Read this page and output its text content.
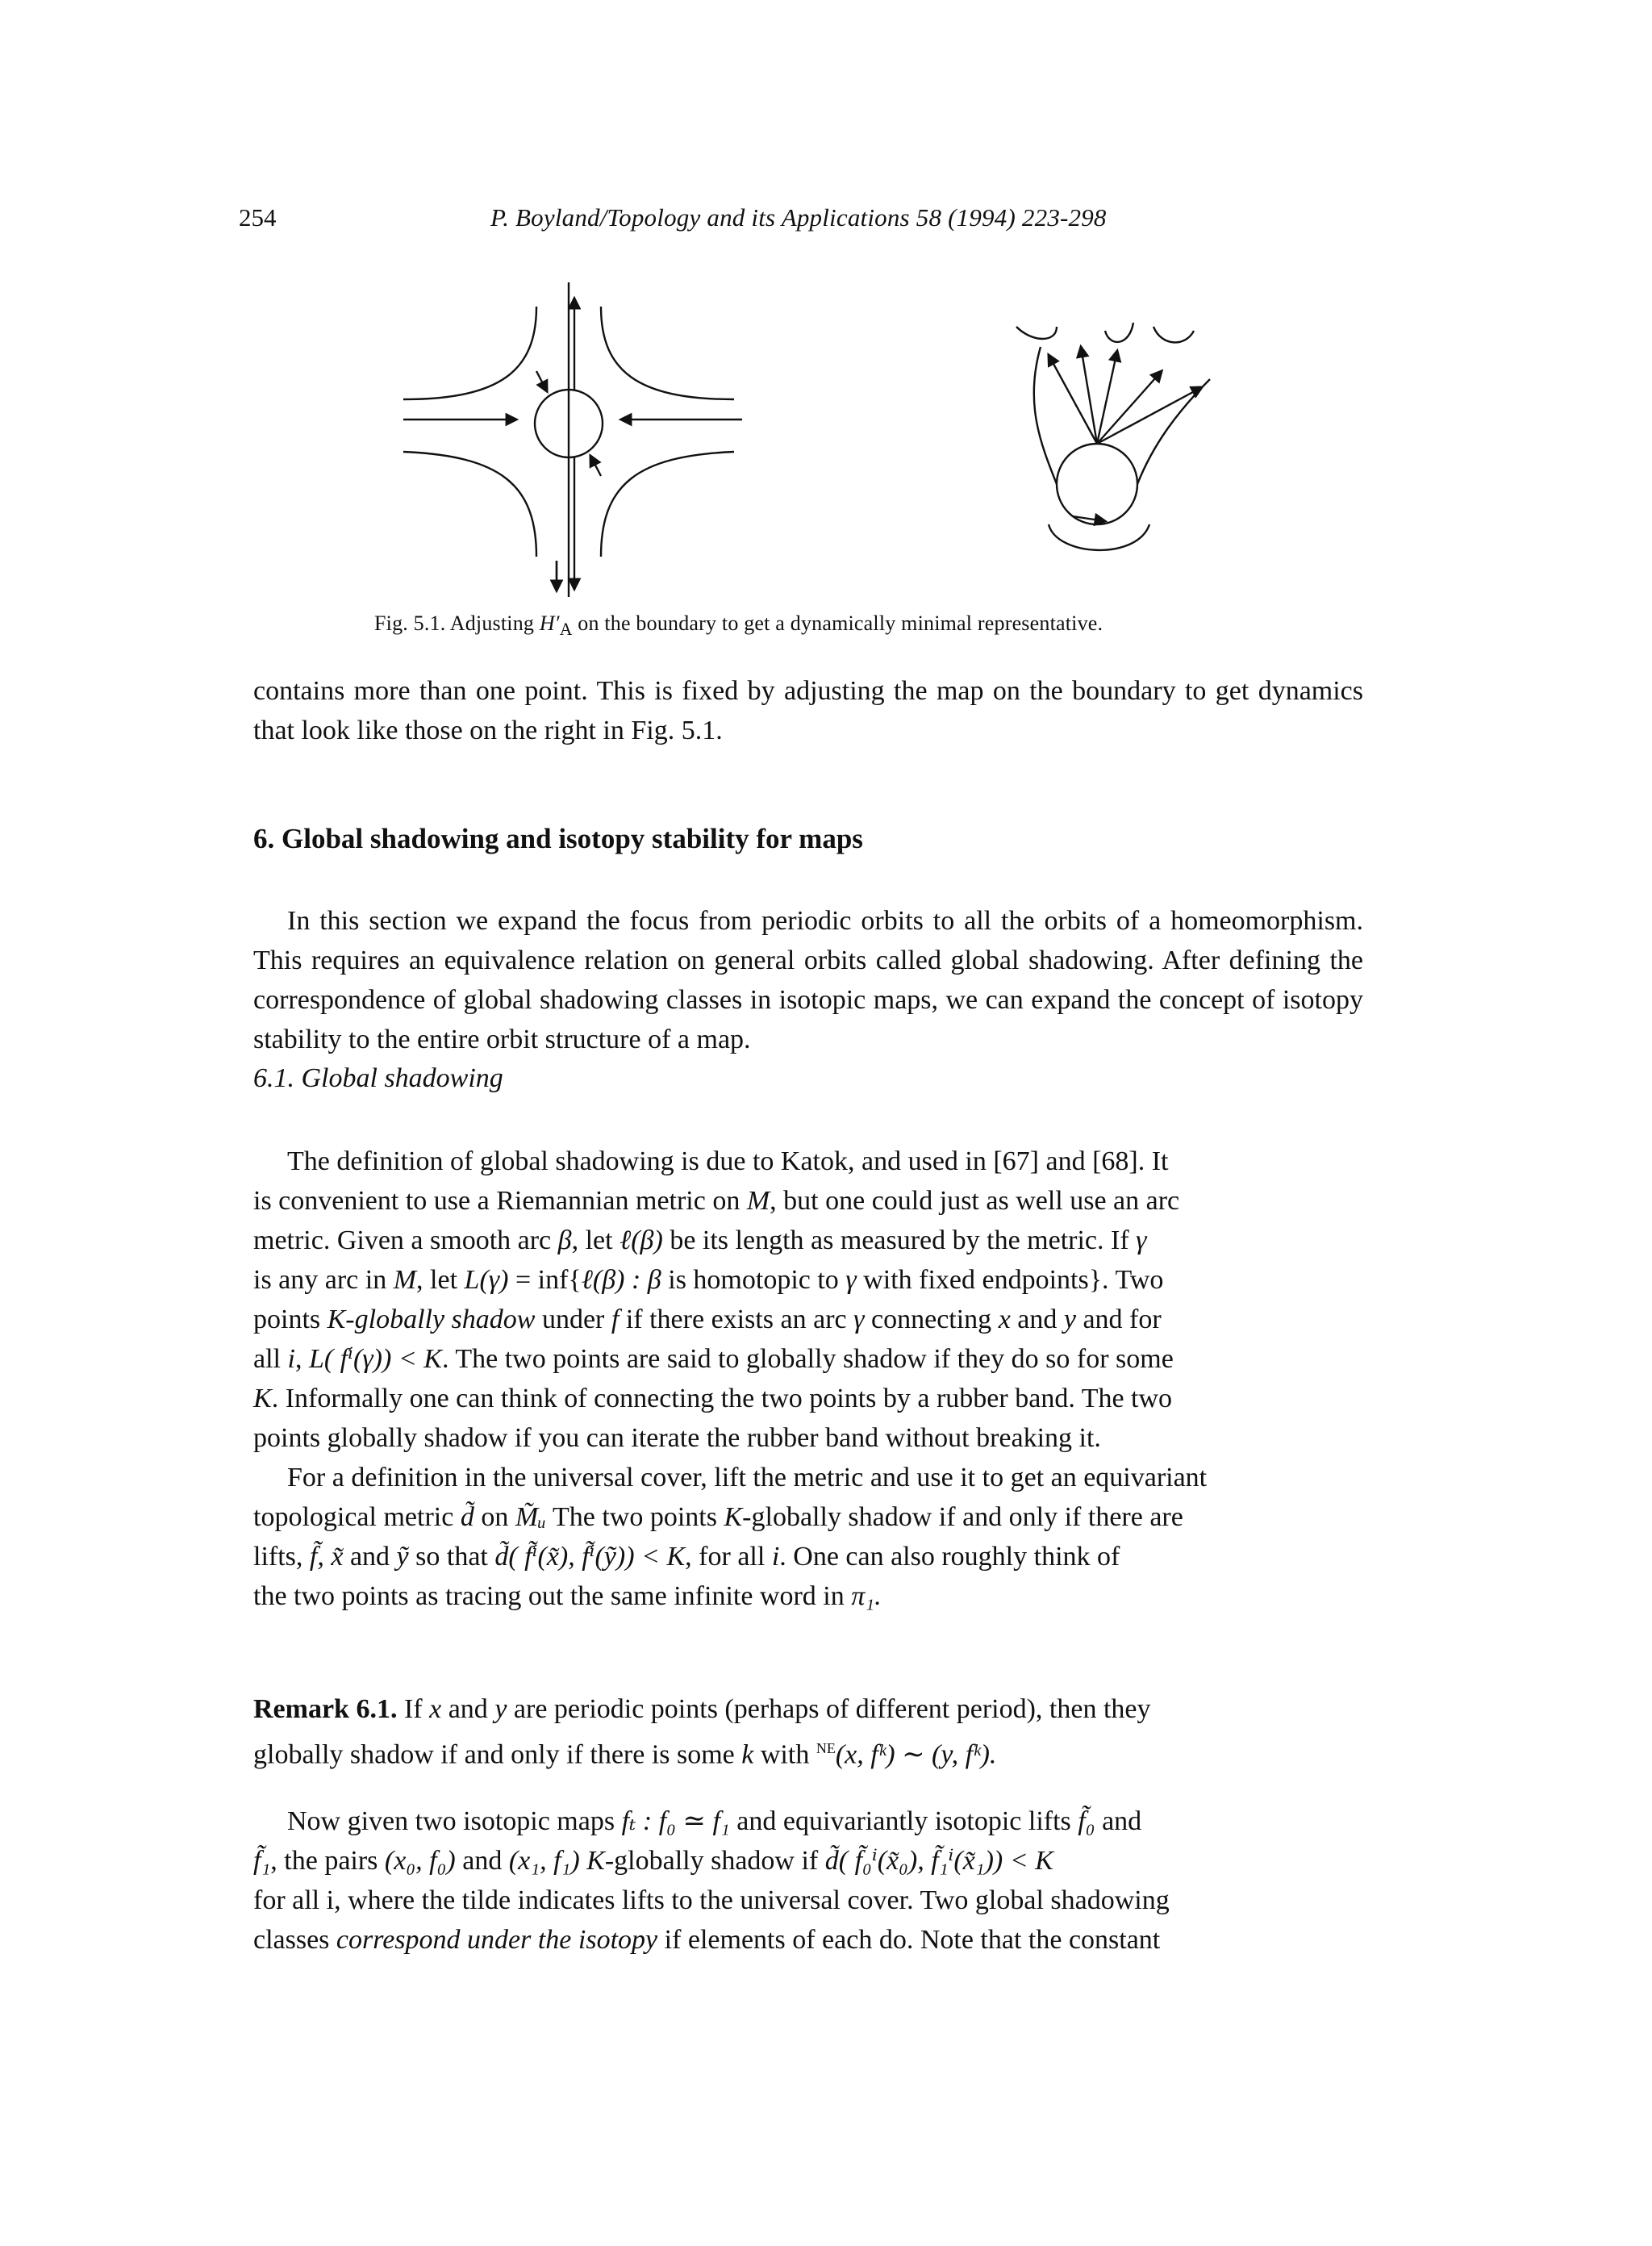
254	P. Boyland/Topology and its Applications 58 (1994) 223-298
Fig. 5.1. Adjusting $H'_A$ on the boundary to get a dynamically minimal representative.

contains more than one point. This is fixed by adjusting the map on the boundary to get dynamics that look like those on the right in Fig. 5.1.

6. Global shadowing and isotopy stability for maps

In this section we expand the focus from periodic orbits to all the orbits of a homeomorphism. This requires an equivalence relation on general orbits called global shadowing. After defining the correspondence of global shadowing classes in isotopic maps, we can expand the concept of isotopy stability to the entire orbit structure of a map.

6.1. Global shadowing
The definition of global shadowing is due to Katok, and used in [67] and [68]. It
is convenient to use a Riemannian metric on M, but one could just as well use an arc
metric. Given a smooth arc β, let ℓ(β) be its length as measured by the metric. If γ
is any arc in M, let L(γ) = inf{ℓ(β) : β is homotopic to γ with fixed endpoints}. Two
points K-globally shadow under f if there exists an arc γ connecting x and y and for
all i, L( fⁱ(γ)) < K. The two points are said to globally shadow if they do so for some
K. Informally one can think of connecting the two points by a rubber band. The two
points globally shadow if you can iterate the rubber band without breaking it.
For a definition in the universal cover, lift the metric and use it to get an equivariant
topological metric d̃ on M̃ᵤ The two points K-globally shadow if and only if there are
lifts, f̃, x̃ and ỹ so that d̃( f̃ⁱ(x̃), f̃ⁱ(ỹ)) < K, for all i. One can also roughly think of
the two points as tracing out the same infinite word in π₁.
Remark 6.1. If x and y are periodic points (perhaps of different period), then they
globally shadow if and only if there is some k with $^{NE}$(x, fᵏ) ∼ (y, fᵏ).
Now given two isotopic maps fₜ : f₀ ≃ f₁ and equivariantly isotopic lifts f̃₀ and
f̃₁, the pairs (x₀, f₀) and (x₁, f₁) K-globally shadow if d̃( f̃₀ⁱ(x̃₀), f̃₁ⁱ(x̃₁)) < K
for all i, where the tilde indicates lifts to the universal cover. Two global shadowing
classes correspond under the isotopy if elements of each do. Note that the constant
